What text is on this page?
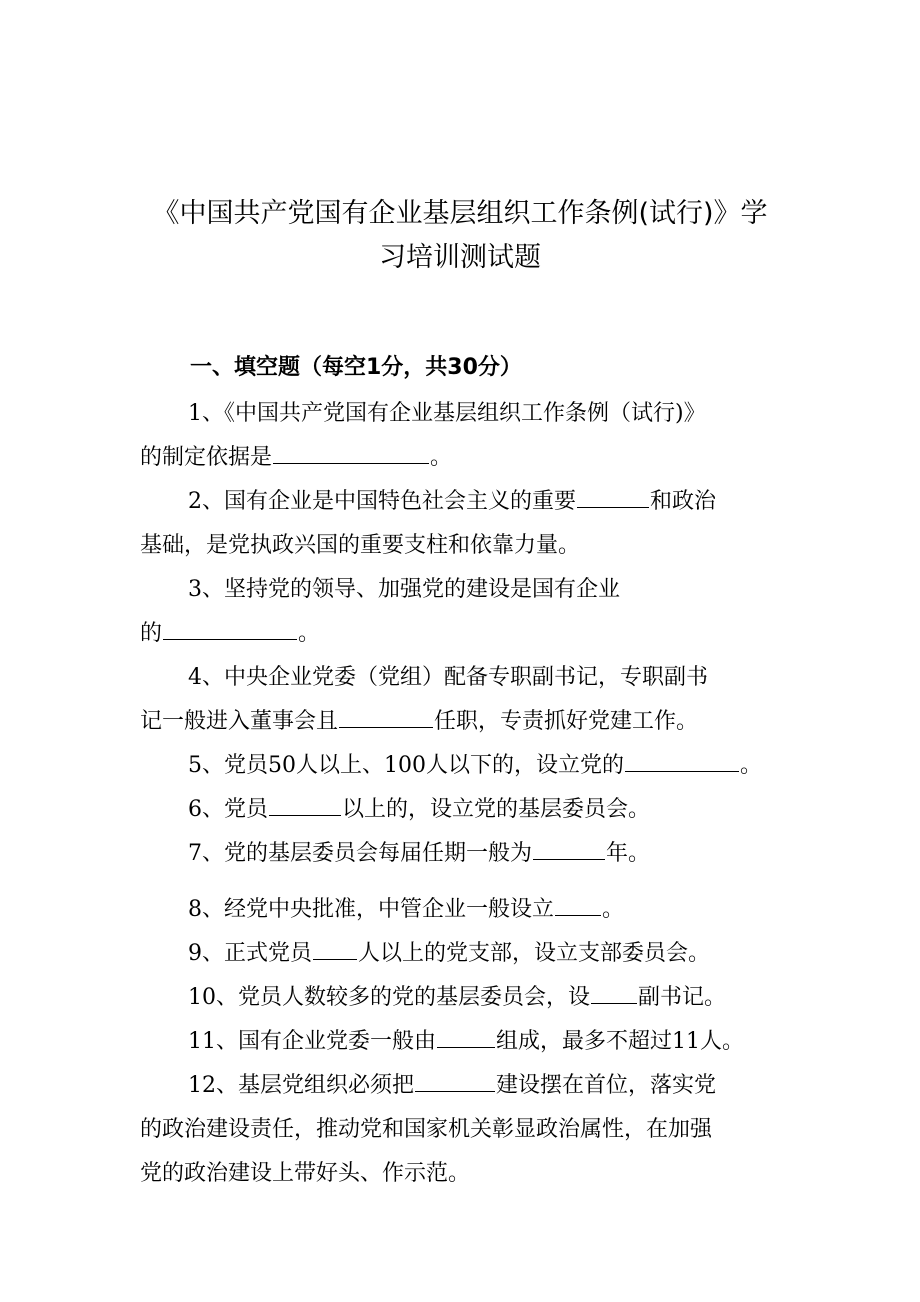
《中国共产党国有企业基层组织工作条例(试行)》学
习培训测试题
一、填空题（每空1分，共30分）
1、《中国共产党国有企业基层组织工作条例（试行)》
的制定依据是	。
2、国有企业是中国特色社会主义的重要	和政治
基础，是党执政兴国的重要支柱和依靠力量。
3、坚持党的领导、加强党的建设是国有企业
的	。
4、中央企业党委（党组）配备专职副书记，专职副书
记一般进入董事会且	任职，专责抓好党建工作。
5、党员50人以上、100人以下的，设立党的	。
6、党员	以上的，设立党的基层委员会。
7、党的基层委员会每届任期一般为	年。
8、经党中央批准，中管企业一般设立 。
9、正式党员 人以上的党支部，设立支部委员会。
10、党员人数较多的党的基层委员会，设 副书记。
11、国有企业党委一般由	组成，最多不超过11人。
12、基层党组织必须把	建设摆在首位，落实党
的政治建设责任，推动党和国家机关彰显政治属性，在加强
党的政治建设上带好头、作示范。
